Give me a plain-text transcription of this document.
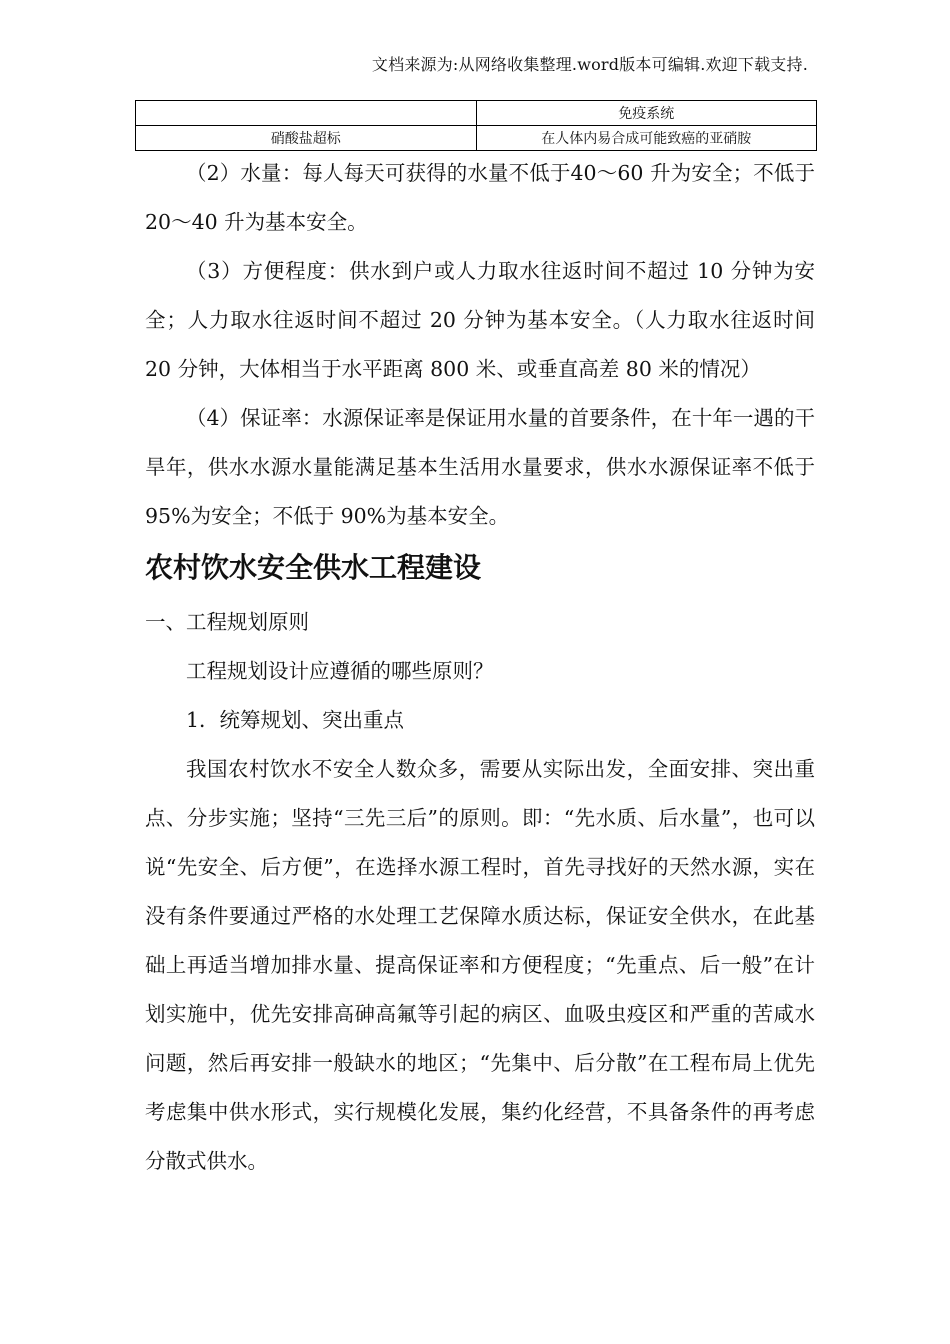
文档来源为:从网络收集整理.word版本可编辑.欢迎下载支持.
	免疫系统
硝酸盐超标	在人体内易合成可能致癌的亚硝胺

（2）水量：每人每天可获得的水量不低于40～60 升为安全；不低于 20～40 升为基本安全。

（3）方便程度：供水到户或人力取水往返时间不超过 10 分钟为安全；人力取水往返时间不超过 20 分钟为基本安全。（人力取水往返时间 20 分钟，大体相当于水平距离 800 米、或垂直高差 80 米的情况）

（4）保证率：水源保证率是保证用水量的首要条件，在十年一遇的干旱年，供水水源水量能满足基本生活用水量要求，供水水源保证率不低于 95%为安全；不低于 90%为基本安全。

农村饮水安全供水工程建设

一、工程规划原则

工程规划设计应遵循的哪些原则？

1．统筹规划、突出重点

我国农村饮水不安全人数众多，需要从实际出发，全面安排、突出重点、分步实施；坚持“三先三后”的原则。即：“先水质、后水量”，也可以说“先安全、后方便”，在选择水源工程时，首先寻找好的天然水源，实在没有条件要通过严格的水处理工艺保障水质达标，保证安全供水，在此基础上再适当增加排水量、提高保证率和方便程度；“先重点、后一般”在计划实施中，优先安排高砷高氟等引起的病区、血吸虫疫区和严重的苦咸水问题，然后再安排一般缺水的地区；“先集中、后分散”在工程布局上优先考虑集中供水形式，实行规模化发展，集约化经营，不具备条件的再考虑分散式供水。
